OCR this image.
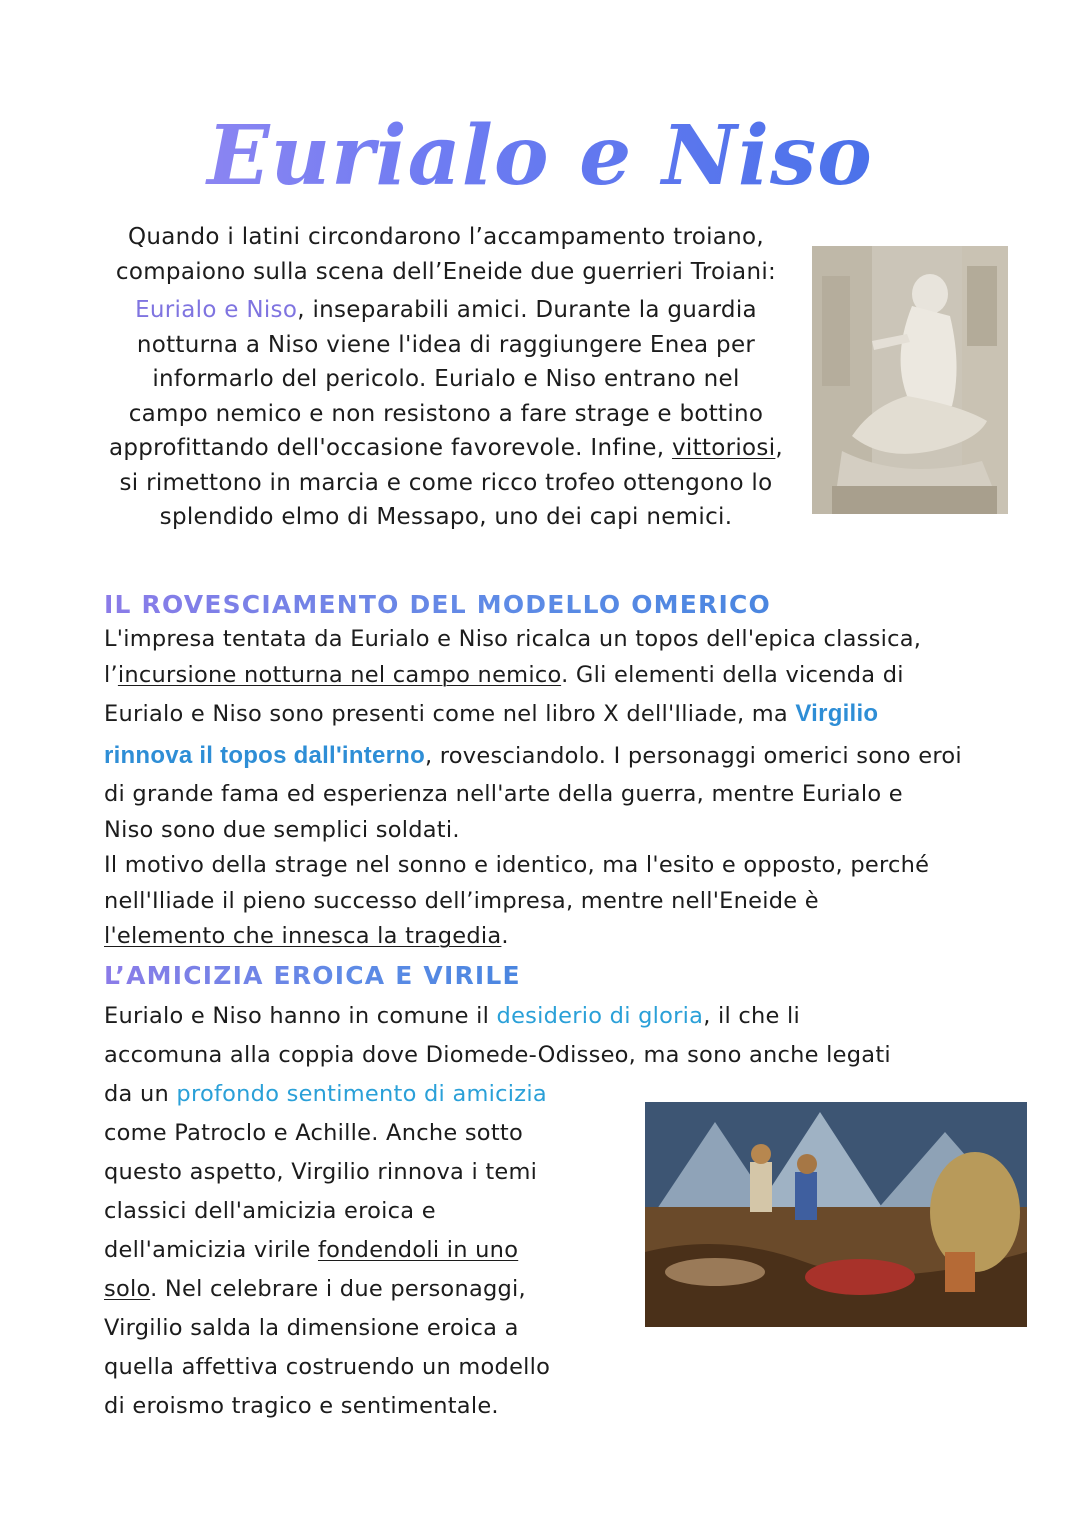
Eurialo e Niso

Quando i latini circondarono l’accampamento troiano,

compaiono sulla scena dell’Eneide due guerrieri Troiani:

Eurialo e Niso, inseparabili amici. Durante la guardia

notturna a Niso viene l'idea di raggiungere Enea per

informarlo del pericolo. Eurialo e Niso entrano nel

campo nemico e non resistono a fare strage e bottino

approfittando dell'occasione favorevole. Infine, vittoriosi,

si rimettono in marcia e come ricco trofeo ottengono lo

splendido elmo di Messapo, uno dei capi nemici.

IL ROVESCIAMENTO DEL MODELLO OMERICO
L'impresa tentata da Eurialo e Niso ricalca un topos dell'epica classica,
l’incursione notturna nel campo nemico. Gli elementi della vicenda di
Eurialo e Niso sono presenti come nel libro X dell'Iliade, ma Virgilio
rinnova il topos dall'interno, rovesciandolo. I personaggi omerici sono eroi
di grande fama ed esperienza nell'arte della guerra, mentre Eurialo e
Niso sono due semplici soldati.
Il motivo della strage nel sonno e identico, ma l'esito e opposto, perché
nell'Iliade il pieno successo dell’impresa, mentre nell'Eneide è
l'elemento che innesca la tragedia.
L’AMICIZIA EROICA E VIRILE
Eurialo e Niso hanno in comune il desiderio di gloria, il che li
accomuna alla coppia dove Diomede-Odisseo, ma sono anche legati
da un profondo sentimento di amicizia
come Patroclo e Achille. Anche sotto
questo aspetto, Virgilio rinnova i temi
classici dell'amicizia eroica e
dell'amicizia virile fondendoli in uno
solo. Nel celebrare i due personaggi,
Virgilio salda la dimensione eroica a
quella affettiva costruendo un modello
di eroismo tragico e sentimentale.
